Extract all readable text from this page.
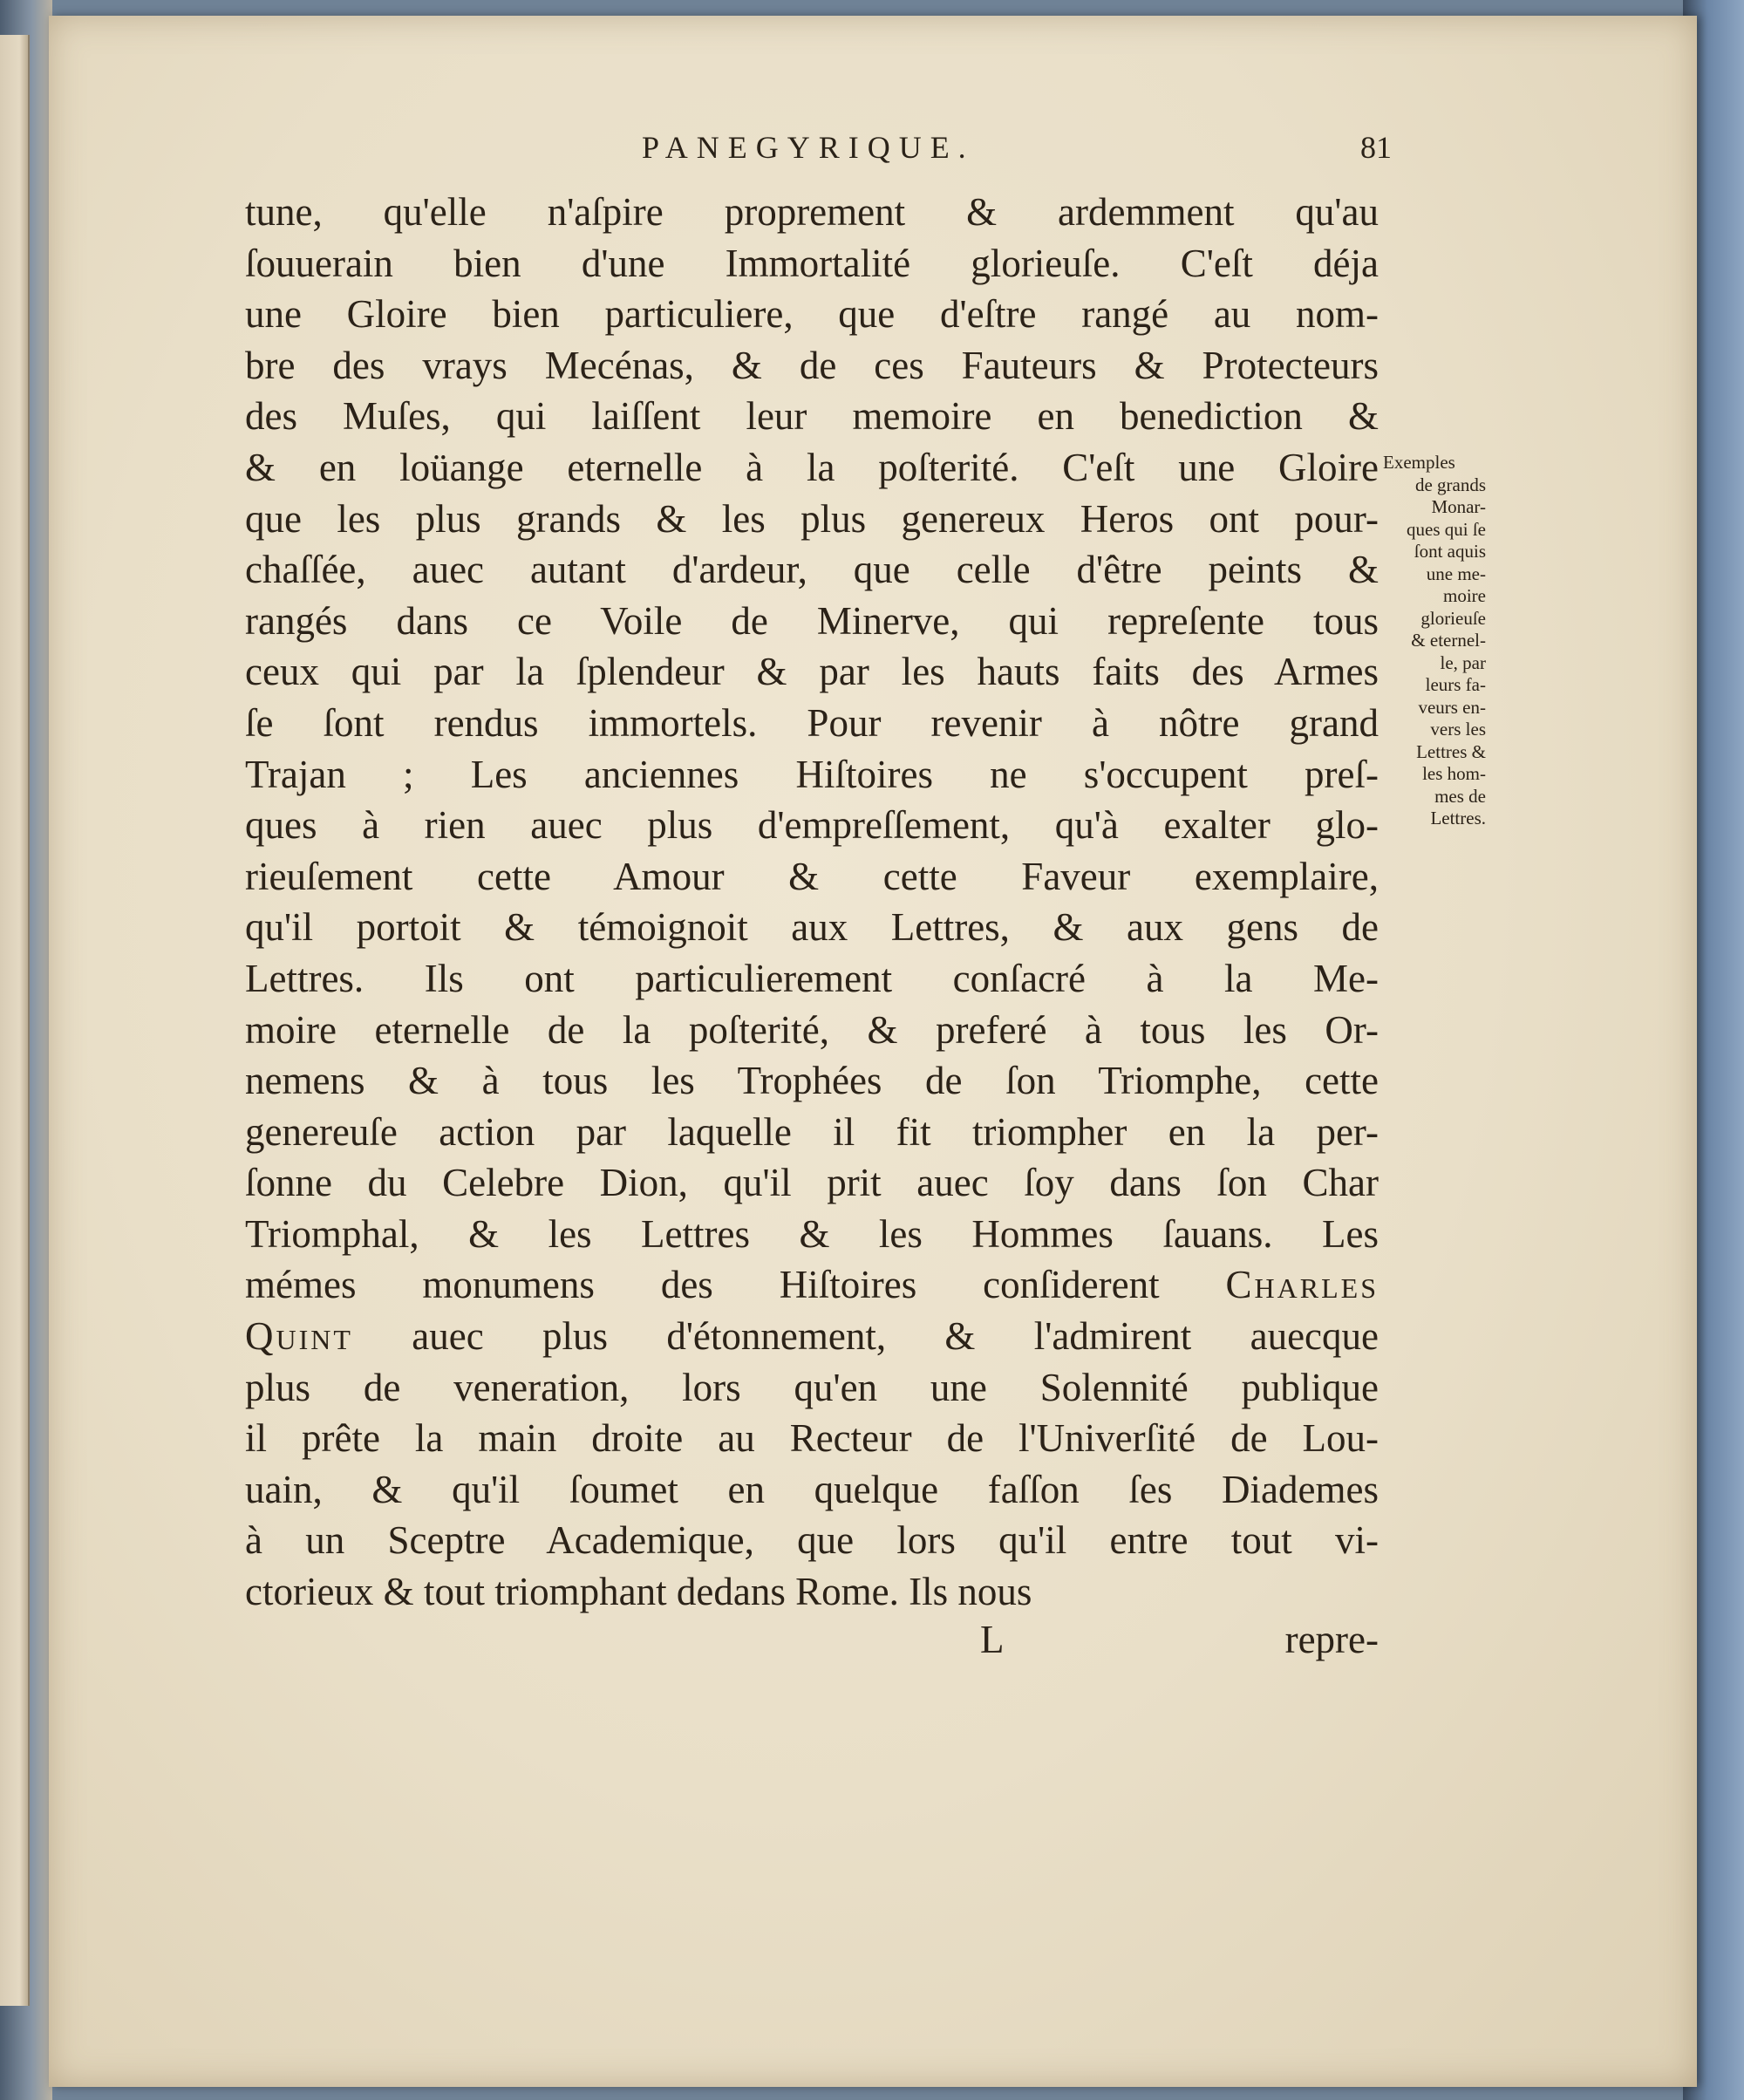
PANEGYRIQUE.	81
tune, qu'elle n'aſpire proprement & ardemment qu'au
ſouuerain bien d'une Immortalité glorieuſe. C'eſt déja
une Gloire bien particuliere, que d'eſtre rangé au nom-
bre des vrays Mecénas, & de ces Fauteurs & Protecteurs
des Muſes, qui laiſſent leur memoire en benediction &
& en loüange eternelle à la poſterité. C'eſt une Gloire
que les plus grands & les plus genereux Heros ont pour-
chaſſée, auec autant d'ardeur, que celle d'être peints &
rangés dans ce Voile de Minerve, qui repreſente tous
ceux qui par la ſplendeur & par les hauts faits des Armes
ſe ſont rendus immortels. Pour revenir à nôtre grand
Trajan ; Les anciennes Hiſtoires ne s'occupent preſ-
ques à rien auec plus d'empreſſement, qu'à exalter glo-
rieuſement cette Amour & cette Faveur exemplaire,
qu'il portoit & témoignoit aux Lettres, & aux gens de
Lettres. Ils ont particulierement conſacré à la Me-
moire eternelle de la poſterité, & preferé à tous les Or-
nemens & à tous les Trophées de ſon Triomphe, cette
genereuſe action par laquelle il fit triompher en la per-
ſonne du Celebre Dion, qu'il prit auec ſoy dans ſon Char
Triomphal, & les Lettres & les Hommes ſauans. Les
mémes monumens des Hiſtoires conſiderent Charles
Quint auec plus d'étonnement, & l'admirent auecque
plus de veneration, lors qu'en une Solennité publique
il prête la main droite au Recteur de l'Univerſité de Lou-
uain, & qu'il ſoumet en quelque faſſon ſes Diademes
à un Sceptre Academique, que lors qu'il entre tout vi-
ctorieux & tout triomphant dedans Rome. Ils nous
Exemples
de grands
Monar-
ques qui ſe
ſont aquis
une me-
moire
glorieuſe
& eternel-
le, par
leurs fa-
veurs en-
vers les
Lettres &
les hom-
mes de
Lettres.
L	repre-
